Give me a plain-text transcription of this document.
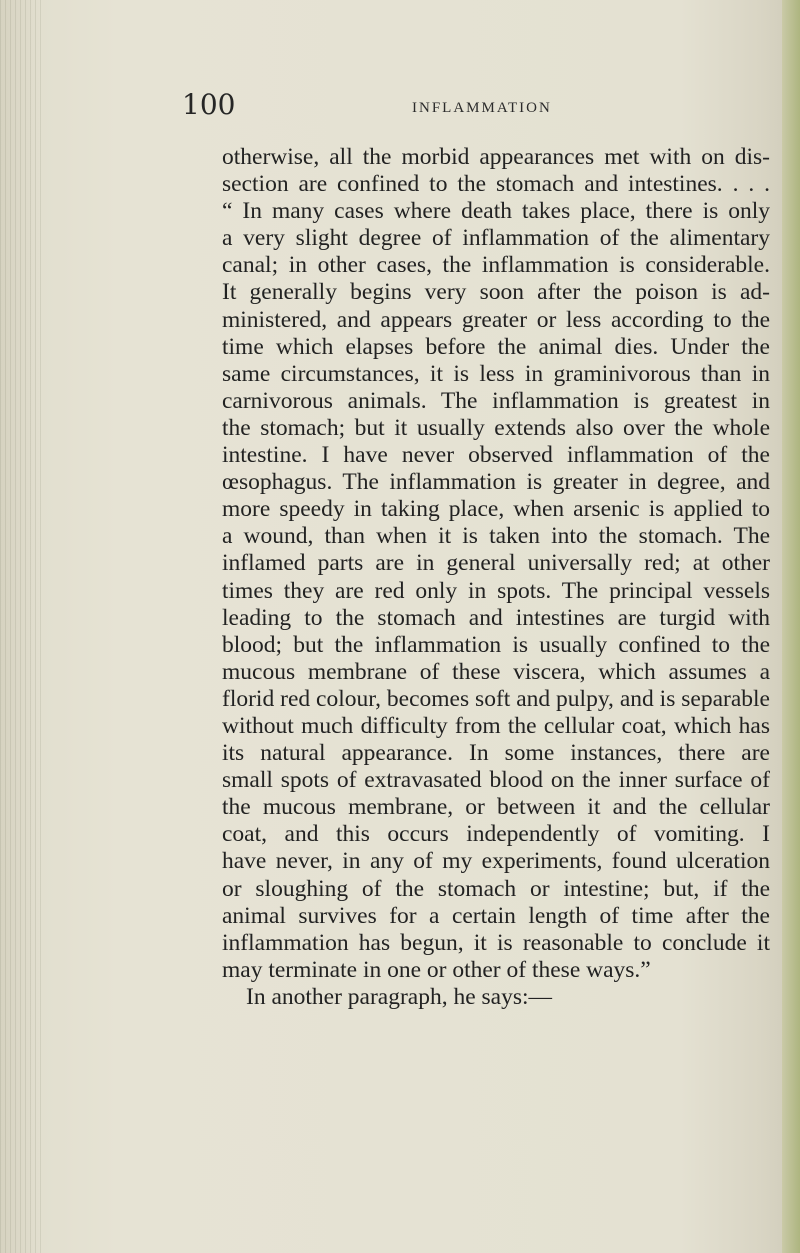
100	INFLAMMATION

otherwise, all the morbid appearances met with on dis-
section are confined to the stomach and intestines. . . .
“ In many cases where death takes place, there is only
a very slight degree of inflammation of the alimentary
canal; in other cases, the inflammation is considerable.
It generally begins very soon after the poison is ad-
ministered, and appears greater or less according to the
time which elapses before the animal dies. Under the
same circumstances, it is less in graminivorous than in
carnivorous animals. The inflammation is greatest in
the stomach; but it usually extends also over the whole
intestine. I have never observed inflammation of the
œsophagus. The inflammation is greater in degree, and
more speedy in taking place, when arsenic is applied to
a wound, than when it is taken into the stomach. The
inflamed parts are in general universally red; at other
times they are red only in spots. The principal vessels
leading to the stomach and intestines are turgid with
blood; but the inflammation is usually confined to the
mucous membrane of these viscera, which assumes a
florid red colour, becomes soft and pulpy, and is separable
without much difficulty from the cellular coat, which has
its natural appearance. In some instances, there are
small spots of extravasated blood on the inner surface of
the mucous membrane, or between it and the cellular
coat, and this occurs independently of vomiting. I
have never, in any of my experiments, found ulceration
or sloughing of the stomach or intestine; but, if the
animal survives for a certain length of time after the
inflammation has begun, it is reasonable to conclude it
may terminate in one or other of these ways.”
In another paragraph, he says:—
